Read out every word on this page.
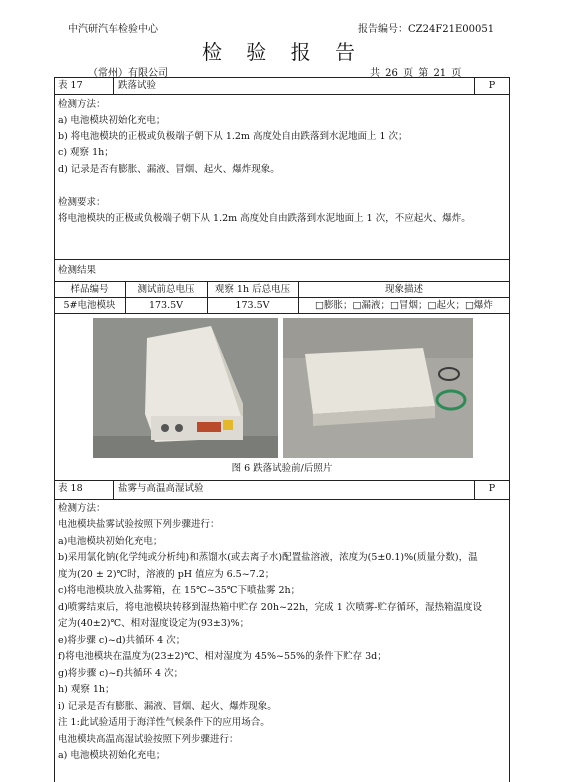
中汽研汽车检验中心	报告编号：CZ24F21E00051
检 验 报 告
（常州）有限公司	共 26 页 第 21 页
表 17	跌落试验	P
检测方法：
a) 电池模块初始化充电；
b) 将电池模块的正极或负极端子朝下从 1.2m 高度处自由跌落到水泥地面上 1 次；
c) 观察 1h；
d) 记录是否有膨胀、漏液、冒烟、起火、爆炸现象。
检测要求：
将电池模块的正极或负极端子朝下从 1.2m 高度处自由跌落到水泥地面上 1 次，不应起火、爆炸。
检测结果
样品编号	测试前总电压	观察 1h 后总电压	现象描述
5#电池模块	173.5V	173.5V	□膨胀；□漏液；□冒烟；□起火；□爆炸
图 6 跌落试验前/后照片
表 18	盐雾与高温高湿试验	P
检测方法：
电池模块盐雾试验按照下列步骤进行：
a)电池模块初始化充电；
b)采用氯化钠(化学纯或分析纯)和蒸馏水(或去离子水)配置盐溶液，浓度为(5±0.1)%(质量分数)，温
度为(20 ± 2)℃时，溶液的 pH 值应为 6.5~7.2；
c)将电池模块放入盐雾箱，在 15℃~35℃下喷盐雾 2h；
d)喷雾结束后，将电池模块转移到湿热箱中贮存 20h~22h，完成 1 次喷雾-贮存循环，湿热箱温度设
定为(40±2)℃、相对湿度设定为(93±3)%；
e)将步骤 c)~d)共循环 4 次；
f)将电池模块在温度为(23±2)℃、相对湿度为 45%~55%的条件下贮存 3d；
g)将步骤 c)~f)共循环 4 次；
h) 观察 1h；
i) 记录是否有膨胀、漏液、冒烟、起火、爆炸现象。
注 1:此试验适用于海洋性气候条件下的应用场合。
电池模块高温高湿试验按照下列步骤进行：
a) 电池模块初始化充电；
